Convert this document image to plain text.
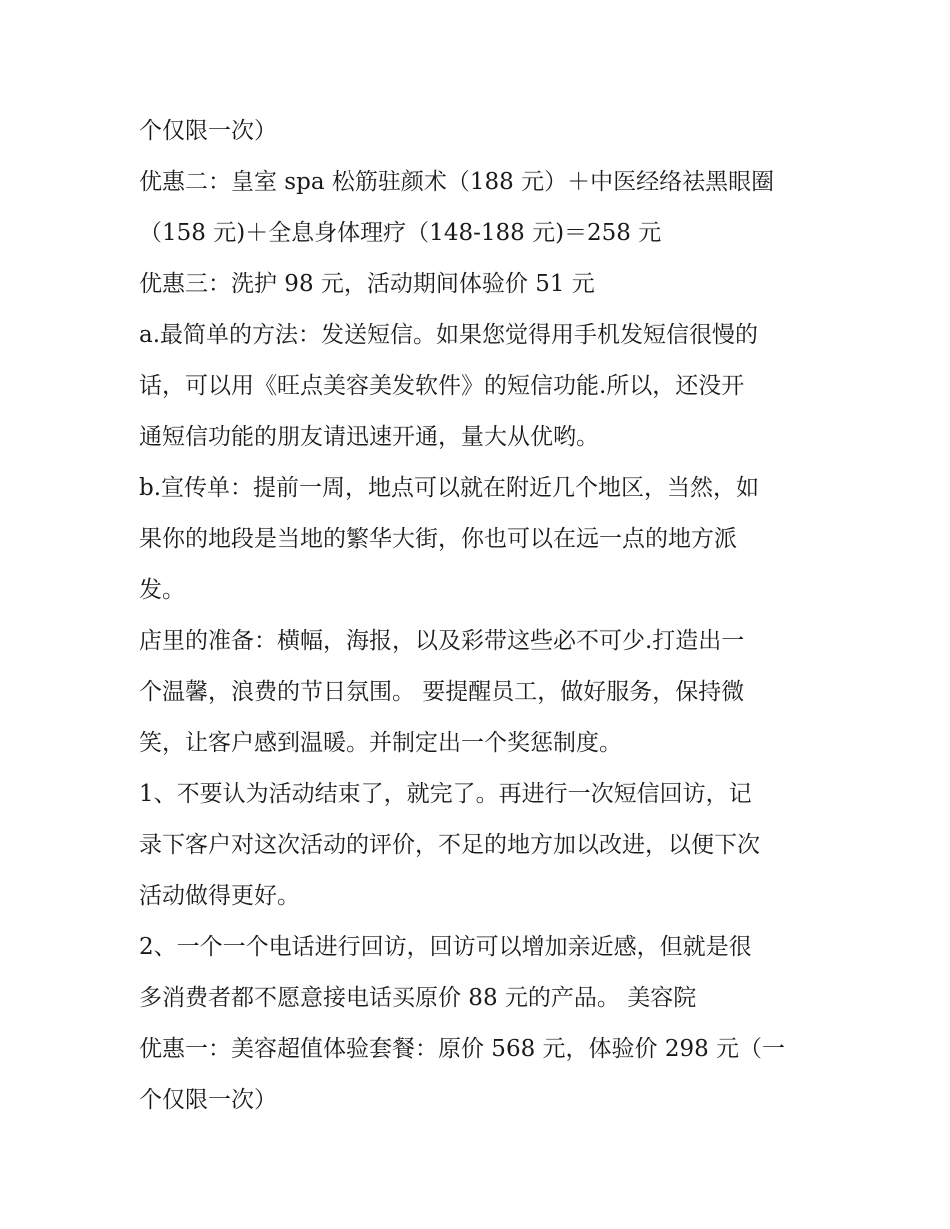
个仅限一次）
优惠二：皇室 spa 松筋驻颜术（188 元）＋中医经络祛黑眼圈
（158 元)＋全息身体理疗（148-188 元)＝258 元
优惠三：洗护 98 元，活动期间体验价 51 元
a.最简单的方法：发送短信。如果您觉得用手机发短信很慢的
话，可以用《旺点美容美发软件》的短信功能.所以，还没开
通短信功能的朋友请迅速开通，量大从优哟。
b.宣传单：提前一周，地点可以就在附近几个地区，当然，如
果你的地段是当地的繁华大街，你也可以在远一点的地方派
发。
店里的准备：横幅，海报，以及彩带这些必不可少.打造出一
个温馨，浪费的节日氛围。 要提醒员工，做好服务，保持微
笑，让客户感到温暖。并制定出一个奖惩制度。
1、不要认为活动结束了，就完了。再进行一次短信回访，记
录下客户对这次活动的评价，不足的地方加以改进，以便下次
活动做得更好。
2、一个一个电话进行回访，回访可以增加亲近感，但就是很
多消费者都不愿意接电话买原价 88 元的产品。 美容院
优惠一：美容超值体验套餐：原价 568 元，体验价 298 元（一
个仅限一次）
